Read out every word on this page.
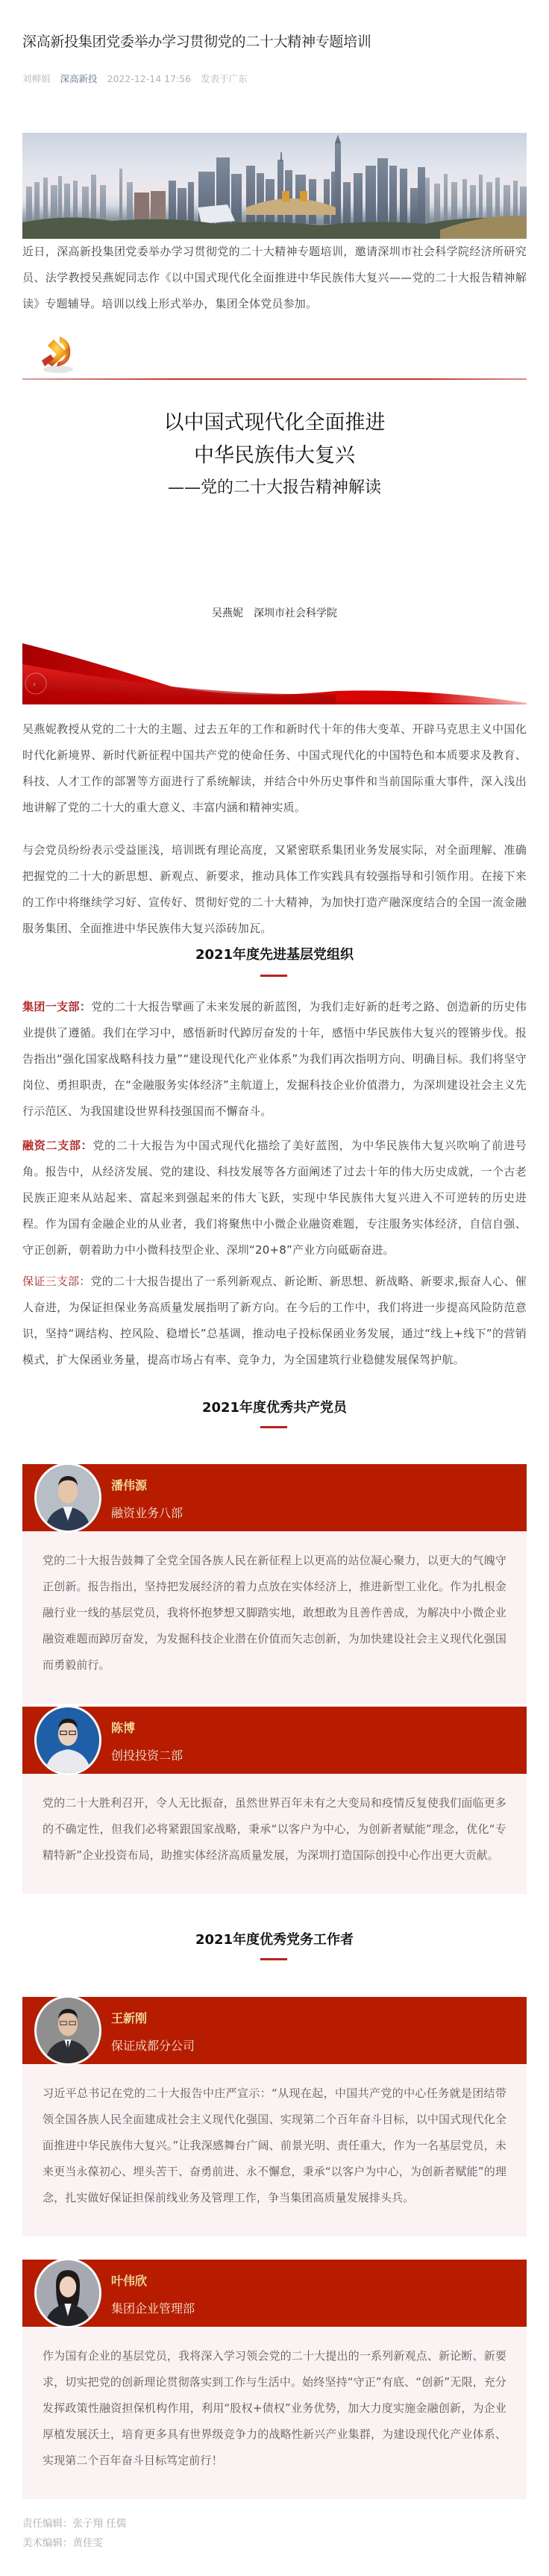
深高新投集团党委举办学习贯彻党的二十大精神专题培训
刘柳娟 深高新投 2022-12-14 17:56 发表于广东

近日，深高新投集团党委举办学习贯彻党的二十大精神专题培训，邀请深圳市社会科学院经济所研究员、法学教授吴燕妮同志作《以中国式现代化全面推进中华民族伟大复兴——党的二十大报告精神解读》专题辅导。培训以线上形式举办，集团全体党员参加。

以中国式现代化全面推进
中华民族伟大复兴
——党的二十大报告精神解读
吴燕妮　深圳市社会科学院
›

吴燕妮教授从党的二十大的主题、过去五年的工作和新时代十年的伟大变革、开辟马克思主义中国化时代化新境界、新时代新征程中国共产党的使命任务、中国式现代化的中国特色和本质要求及教育、科技、人才工作的部署等方面进行了系统解读，并结合中外历史事件和当前国际重大事件，深入浅出地讲解了党的二十大的重大意义、丰富内涵和精神实质。

与会党员纷纷表示受益匪浅，培训既有理论高度，又紧密联系集团业务发展实际，对全面理解、准确把握党的二十大的新思想、新观点、新要求，推动具体工作实践具有较强指导和引领作用。在接下来的工作中将继续学习好、宣传好、贯彻好党的二十大精神，为加快打造产融深度结合的全国一流金融服务集团、全面推进中华民族伟大复兴添砖加瓦。

2021年度先进基层党组织

集团一支部：党的二十大报告擘画了未来发展的新蓝图，为我们走好新的赶考之路、创造新的历史伟业提供了遵循。我们在学习中，感悟新时代踔厉奋发的十年，感悟中华民族伟大复兴的铿锵步伐。报告指出“强化国家战略科技力量”“建设现代化产业体系”为我们再次指明方向、明确目标。我们将坚守岗位、勇担职责，在“金融服务实体经济”主航道上，发掘科技企业价值潜力，为深圳建设社会主义先行示范区、为我国建设世界科技强国而不懈奋斗。

融资二支部：党的二十大报告为中国式现代化描绘了美好蓝图，为中华民族伟大复兴吹响了前进号角。报告中，从经济发展、党的建设、科技发展等各方面阐述了过去十年的伟大历史成就，一个古老民族正迎来从站起来、富起来到强起来的伟大飞跃，实现中华民族伟大复兴进入不可逆转的历史进程。作为国有金融企业的从业者，我们将聚焦中小微企业融资难题，专注服务实体经济，自信自强、守正创新，朝着助力中小微科技型企业、深圳“20+8”产业方向砥砺奋进。

保证三支部：党的二十大报告提出了一系列新观点、新论断、新思想、新战略、新要求,振奋人心、催人奋进，为保证担保业务高质量发展指明了新方向。在今后的工作中，我们将进一步提高风险防范意识，坚持“调结构、控风险、稳增长”总基调，推动电子投标保函业务发展，通过“线上+线下”的营销模式，扩大保函业务量，提高市场占有率、竞争力，为全国建筑行业稳健发展保驾护航。

2021年度优秀共产党员
潘伟源
融资业务八部
党的二十大报告鼓舞了全党全国各族人民在新征程上以更高的站位凝心聚力，以更大的气魄守正创新。报告指出，坚持把发展经济的着力点放在实体经济上，推进新型工业化。作为扎根金融行业一线的基层党员，我将怀抱梦想又脚踏实地，敢想敢为且善作善成，为解决中小微企业融资难题而踔厉奋发，为发掘科技企业潜在价值而矢志创新，为加快建设社会主义现代化强国而勇毅前行。
陈博
创投投资二部
党的二十大胜利召开，令人无比振奋，虽然世界百年未有之大变局和疫情反复使我们面临更多的不确定性，但我们必将紧跟国家战略，秉承“以客户为中心，为创新者赋能”理念，优化“专精特新”企业投资布局，助推实体经济高质量发展，为深圳打造国际创投中心作出更大贡献。
2021年度优秀党务工作者
王新刚
保证成都分公司
习近平总书记在党的二十大报告中庄严宣示：“从现在起，中国共产党的中心任务就是团结带领全国各族人民全面建成社会主义现代化强国、实现第二个百年奋斗目标，以中国式现代化全面推进中华民族伟大复兴。”让我深感舞台广阔、前景光明、责任重大，作为一名基层党员，未来更当永葆初心、埋头苦干、奋勇前进、永不懈怠，秉承“以客户为中心，为创新者赋能”的理念，扎实做好保证担保前线业务及管理工作，争当集团高质量发展排头兵。
叶伟欣
集团企业管理部
作为国有企业的基层党员，我将深入学习领会党的二十大提出的一系列新观点、新论断、新要求，切实把党的创新理论贯彻落实到工作与生活中。始终坚持“守正”有底、“创新”无限，充分发挥政策性融资担保机构作用，利用“股权+债权”业务优势，加大力度实施金融创新，为企业厚植发展沃土，培育更多具有世界级竞争力的战略性新兴产业集群，为建设现代化产业体系、实现第二个百年奋斗目标笃定前行！
责任编辑：张子翔 任儒
美术编辑：黄佳雯
